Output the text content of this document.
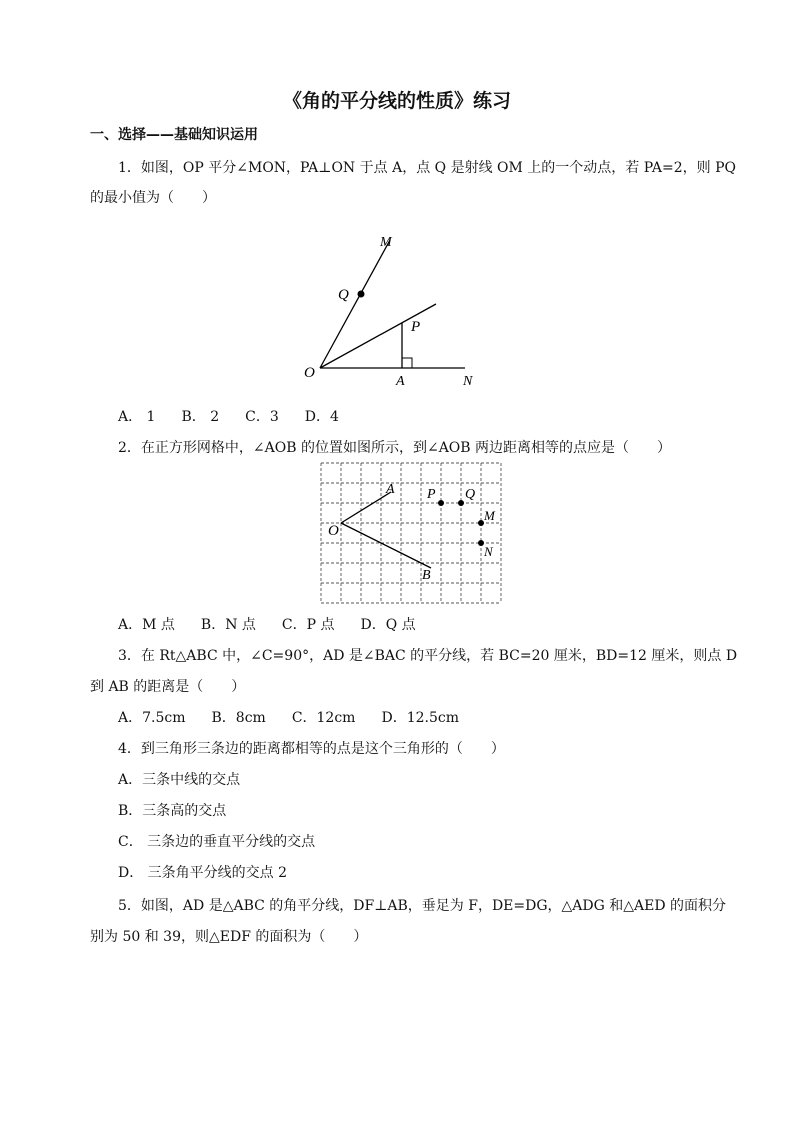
《角的平分线的性质》练习
一、选择——基础知识运用
1．如图，OP 平分∠MON，PA⊥ON 于点 A，点 Q 是射线 OM 上的一个动点，若 PA=2，则 PQ
的最小值为（　　）
M
Q
P
O
A	N
A． 1 B． 2 C．3 D．4
2．在正方形网格中，∠AOB 的位置如图所示，到∠AOB 两边距离相等的点应是（　　）
A P Q
O
M
N
B
A．M 点 B．N 点 C．P 点 D．Q 点
3．在 Rt△ABC 中，∠C=90°，AD 是∠BAC 的平分线，若 BC=20 厘米，BD=12 厘米，则点 D
到 AB 的距离是（　　）
A．7.5cm B．8cm C．12cm D．12.5cm
4．到三角形三条边的距离都相等的点是这个三角形的（　　）
A．三条中线的交点
B．三条高的交点
C． 三条边的垂直平分线的交点
D． 三条角平分线的交点 2
5．如图，AD 是△ABC 的角平分线，DF⊥AB，垂足为 F，DE=DG，△ADG 和△AED 的面积分
别为 50 和 39，则△EDF 的面积为（　　）
